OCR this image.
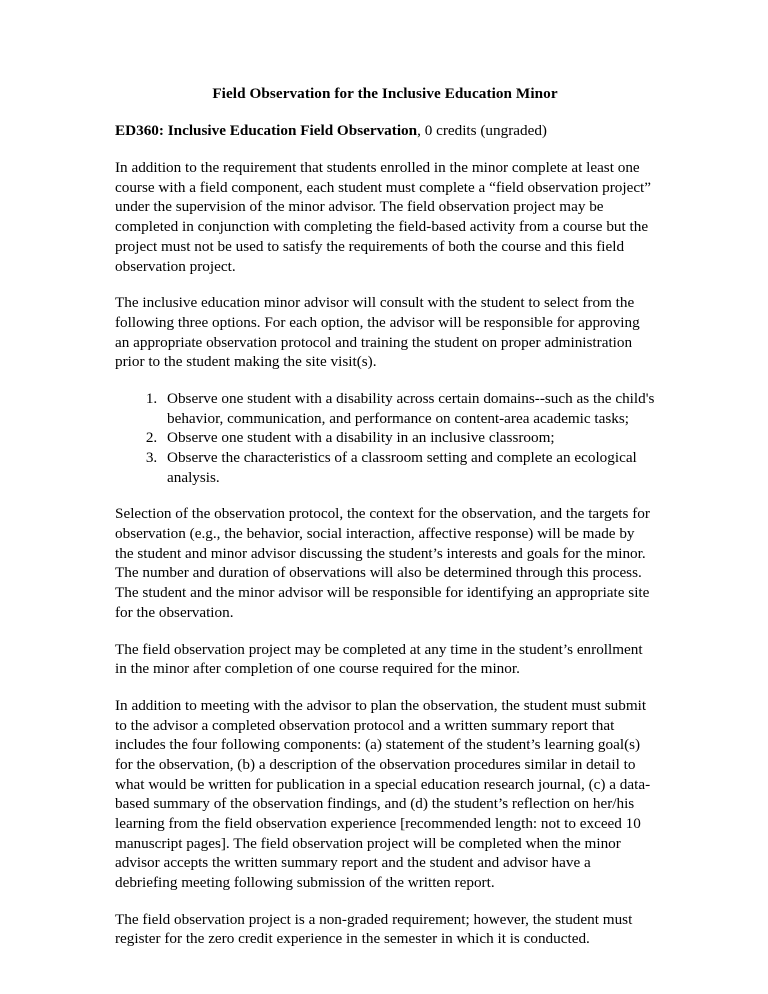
Field Observation for the Inclusive Education Minor
ED360: Inclusive Education Field Observation, 0 credits (ungraded)

In addition to the requirement that students enrolled in the minor complete at least one course with a field component, each student must complete a “field observation project” under the supervision of the minor advisor. The field observation project may be completed in conjunction with completing the field-based activity from a course but the project must not be used to satisfy the requirements of both the course and this field observation project.

The inclusive education minor advisor will consult with the student to select from the following three options. For each option, the advisor will be responsible for approving an appropriate observation protocol and training the student on proper administration prior to the student making the site visit(s).

1. Observe one student with a disability across certain domains--such as the child's behavior, communication, and performance on content-area academic tasks;
2. Observe one student with a disability in an inclusive classroom;
3. Observe the characteristics of a classroom setting and complete an ecological analysis.

Selection of the observation protocol, the context for the observation, and the targets for observation (e.g., the behavior, social interaction, affective response) will be made by the student and minor advisor discussing the student’s interests and goals for the minor. The number and duration of observations will also be determined through this process. The student and the minor advisor will be responsible for identifying an appropriate site for the observation.

The field observation project may be completed at any time in the student’s enrollment in the minor after completion of one course required for the minor.

In addition to meeting with the advisor to plan the observation, the student must submit to the advisor a completed observation protocol and a written summary report that includes the four following components: (a) statement of the student’s learning goal(s) for the observation, (b) a description of the observation procedures similar in detail to what would be written for publication in a special education research journal, (c) a data-based summary of the observation findings, and (d) the student’s reflection on her/his learning from the field observation experience [recommended length: not to exceed 10 manuscript pages]. The field observation project will be completed when the minor advisor accepts the written summary report and the student and advisor have a debriefing meeting following submission of the written report.

The field observation project is a non-graded requirement; however, the student must register for the zero credit experience in the semester in which it is conducted.
